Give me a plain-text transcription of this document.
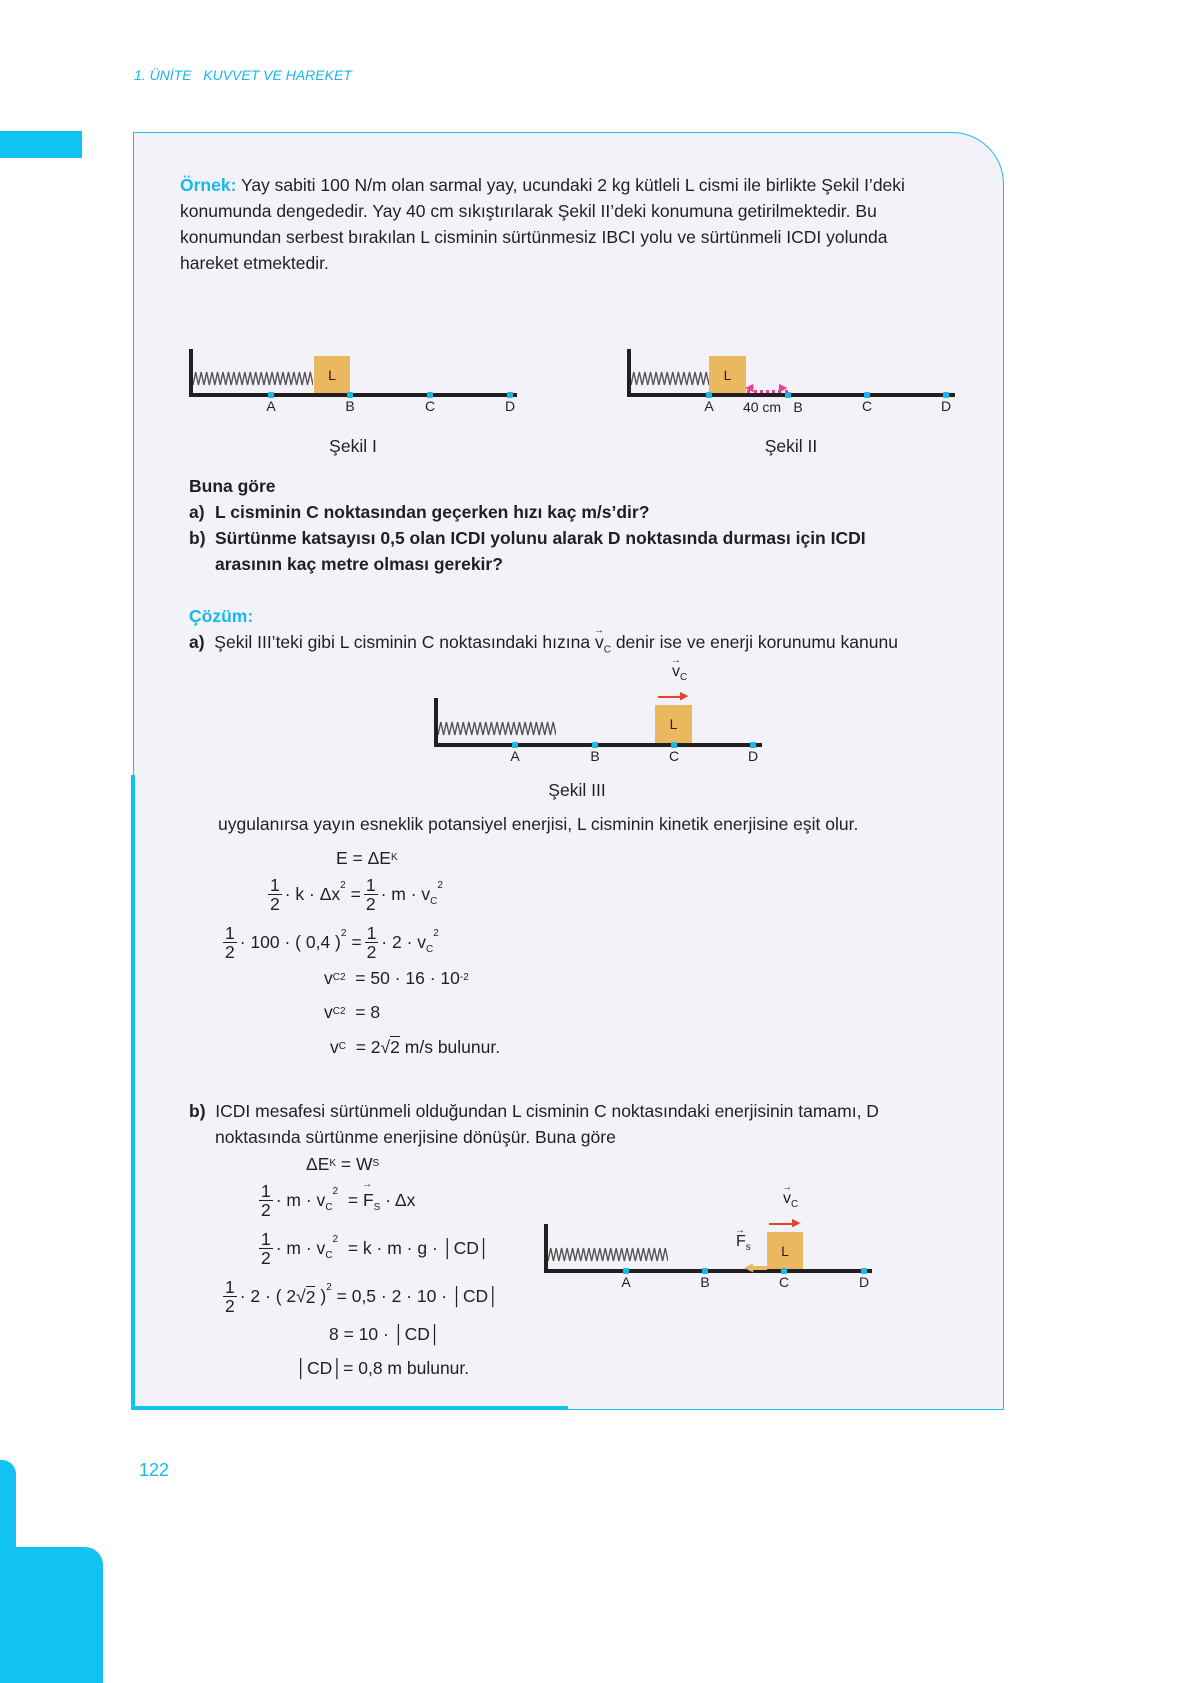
1. ÜNİTE KUVVET VE HAREKET
Örnek: Yay sabiti 100 N/m olan sarmal yay, ucundaki 2 kg kütleli L cismi ile birlikte Şekil I’deki
konumunda dengededir. Yay 40 cm sıkıştırılarak Şekil II’deki konumuna getirilmektedir. Bu
konumundan serbest bırakılan L cisminin sürtünmesiz IBCI yolu ve sürtünmeli ICDI yolunda
hareket etmektedir.
L
A	B	C	D
L
A	B	C	D
◀ ▶
L
A	B	C	D
▶
→ $v_C$
L
A	B	C	D
▶
→ $v_C$
◀
→ $F_s$
Şekil I	Şekil II
Şekil III
40 cm
Buna göre
a) L cisminin C noktasından geçerken hızı kaç m/s’dir?
b) Sürtünme katsayısı 0,5 olan ICDI yolunu alarak D noktasında durması için ICDI
arasının kaç metre olması gerekir?
Çözüm:
a) Şekil III’teki gibi L cisminin C noktasındaki hızına → $v_C$ denir ise ve enerji korunumu kanunu
uygulanırsa yayın esneklik potansiyel enerjisi, L cisminin kinetik enerjisine eşit olur.
E = ΔE K
1
$2 \cdot k \cdot \Delta x^2$
= $\frac{1}{2} \cdot m \cdot v_C$
2
1
2 · 100 · ( 0,4 )$^2$
= $\frac{1}{2} \cdot 2 \cdot v_C$
2
v C 2
= 50 · 16 · 10 -2
v C 2
= 8
v C
= 2 √ 2
m/s bulunur.
b) ICDI mesafesi sürtünmeli olduğundan L cisminin C noktasındaki enerjisinin tamamı, D
noktasında sürtünme enerjisine dönüşür. Buna göre
ΔE K
= W S
1
$2 \cdot m \cdot v_C$
2
=
→ $F_S$
· Δx
1
$2 \cdot m \cdot v_C$
2
= k · m · g · │CD│
1
2 · 2 · ( 2 √ 2 )$^2$
= 0,5 · 2 · 10 · │CD│
8 = 10 · │CD│
│CD│= 0,8 m bulunur.
122
